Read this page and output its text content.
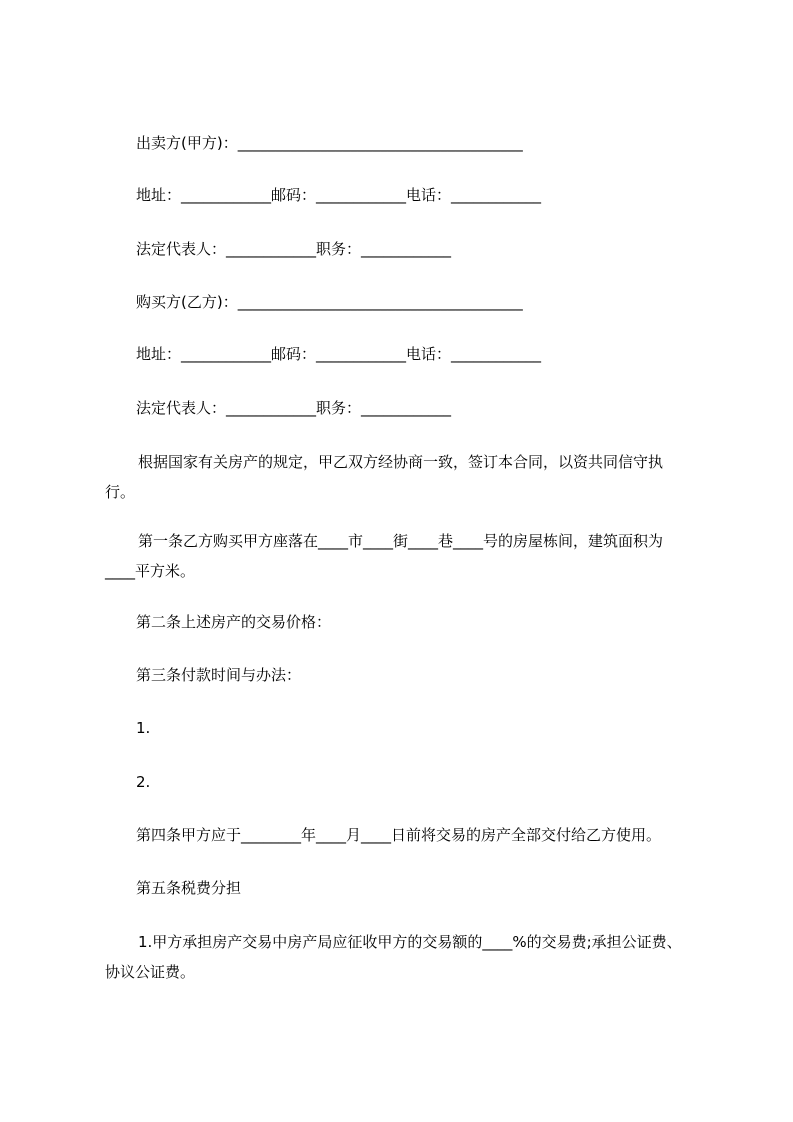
出卖方(甲方)：______________________________________
地址：____________邮码：____________电话：____________
法定代表人：____________职务：____________
购买方(乙方)：______________________________________
地址：____________邮码：____________电话：____________
法定代表人：____________职务：____________
根据国家有关房产的规定，甲乙双方经协商一致，签订本合同，以资共同信守执
行。
第一条乙方购买甲方座落在____市____街____巷____号的房屋栋间，建筑面积为
____平方米。
第二条上述房产的交易价格：
第三条付款时间与办法：
1.
2.
第四条甲方应于________年____月____日前将交易的房产全部交付给乙方使用。
第五条税费分担
1.甲方承担房产交易中房产局应征收甲方的交易额的____%的交易费;承担公证费、
协议公证费。
